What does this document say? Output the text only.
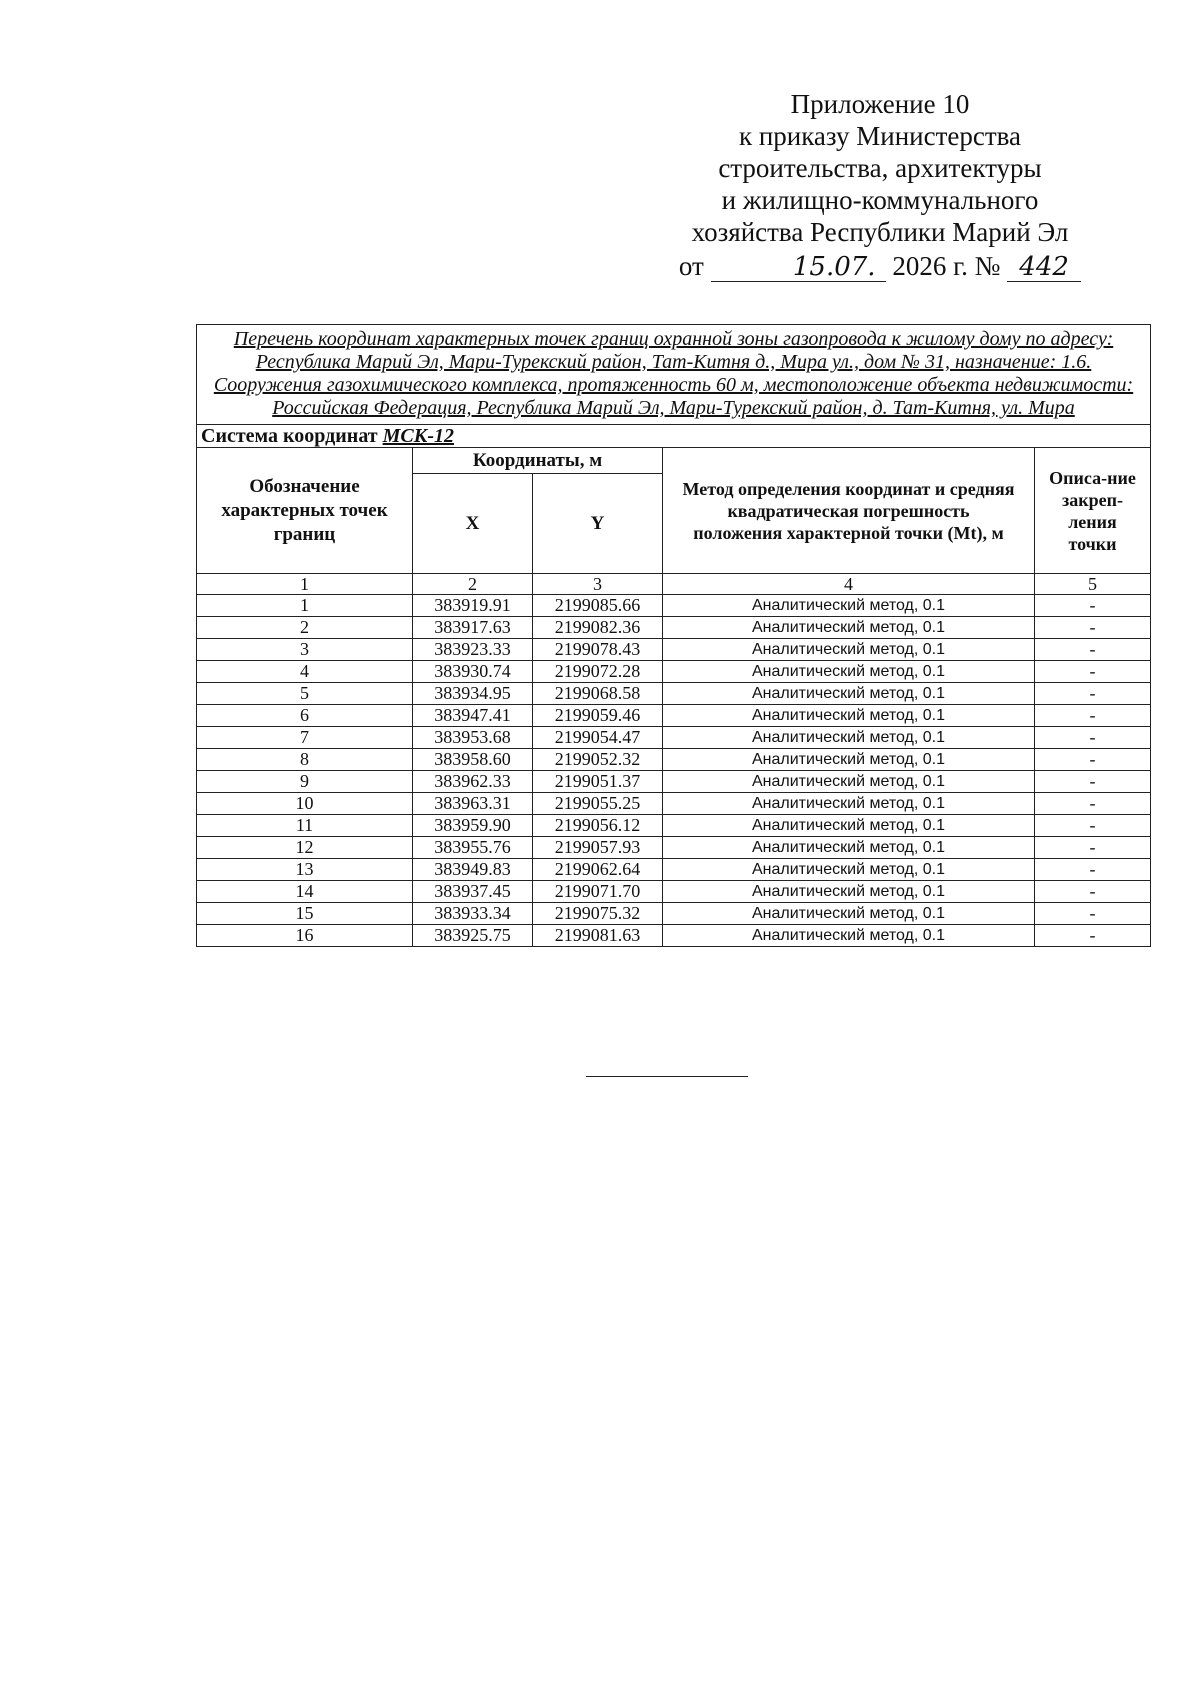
Приложение 10
к приказу Министерства
строительства, архитектуры
и жилищно-коммунального
хозяйства Республики Марий Эл
от	15.07. 2026 г. № 442
Перечень координат характерных точек границ охранной зоны газопровода к жилому дому по адресу: Республика Марий Эл, Мари-Турекский район, Тат-Китня д., Мира ул., дом № 31, назначение: 1.6. Сооружения газохимического комплекса, протяженность 60 м, местоположение объекта недвижимости: Российская Федерация, Республика Марий Эл, Мари-Турекский район, д. Тат-Китня, ул. Мира				
Система координат МСК-12				
Обозначение характерных точек границ	Координаты, м		Метод определения координат и средняя квадратическая погрешность положения характерной точки (Mt), м	Описа-ние закреп-ления точки
	X	Y		
1	2	3	4	5
1	383919.91	2199085.66	Аналитический метод, 0.1	-
2	383917.63	2199082.36	Аналитический метод, 0.1	-
3	383923.33	2199078.43	Аналитический метод, 0.1	-
4	383930.74	2199072.28	Аналитический метод, 0.1	-
5	383934.95	2199068.58	Аналитический метод, 0.1	-
6	383947.41	2199059.46	Аналитический метод, 0.1	-
7	383953.68	2199054.47	Аналитический метод, 0.1	-
8	383958.60	2199052.32	Аналитический метод, 0.1	-
9	383962.33	2199051.37	Аналитический метод, 0.1	-
10	383963.31	2199055.25	Аналитический метод, 0.1	-
11	383959.90	2199056.12	Аналитический метод, 0.1	-
12	383955.76	2199057.93	Аналитический метод, 0.1	-
13	383949.83	2199062.64	Аналитический метод, 0.1	-
14	383937.45	2199071.70	Аналитический метод, 0.1	-
15	383933.34	2199075.32	Аналитический метод, 0.1	-
16	383925.75	2199081.63	Аналитический метод, 0.1	-
